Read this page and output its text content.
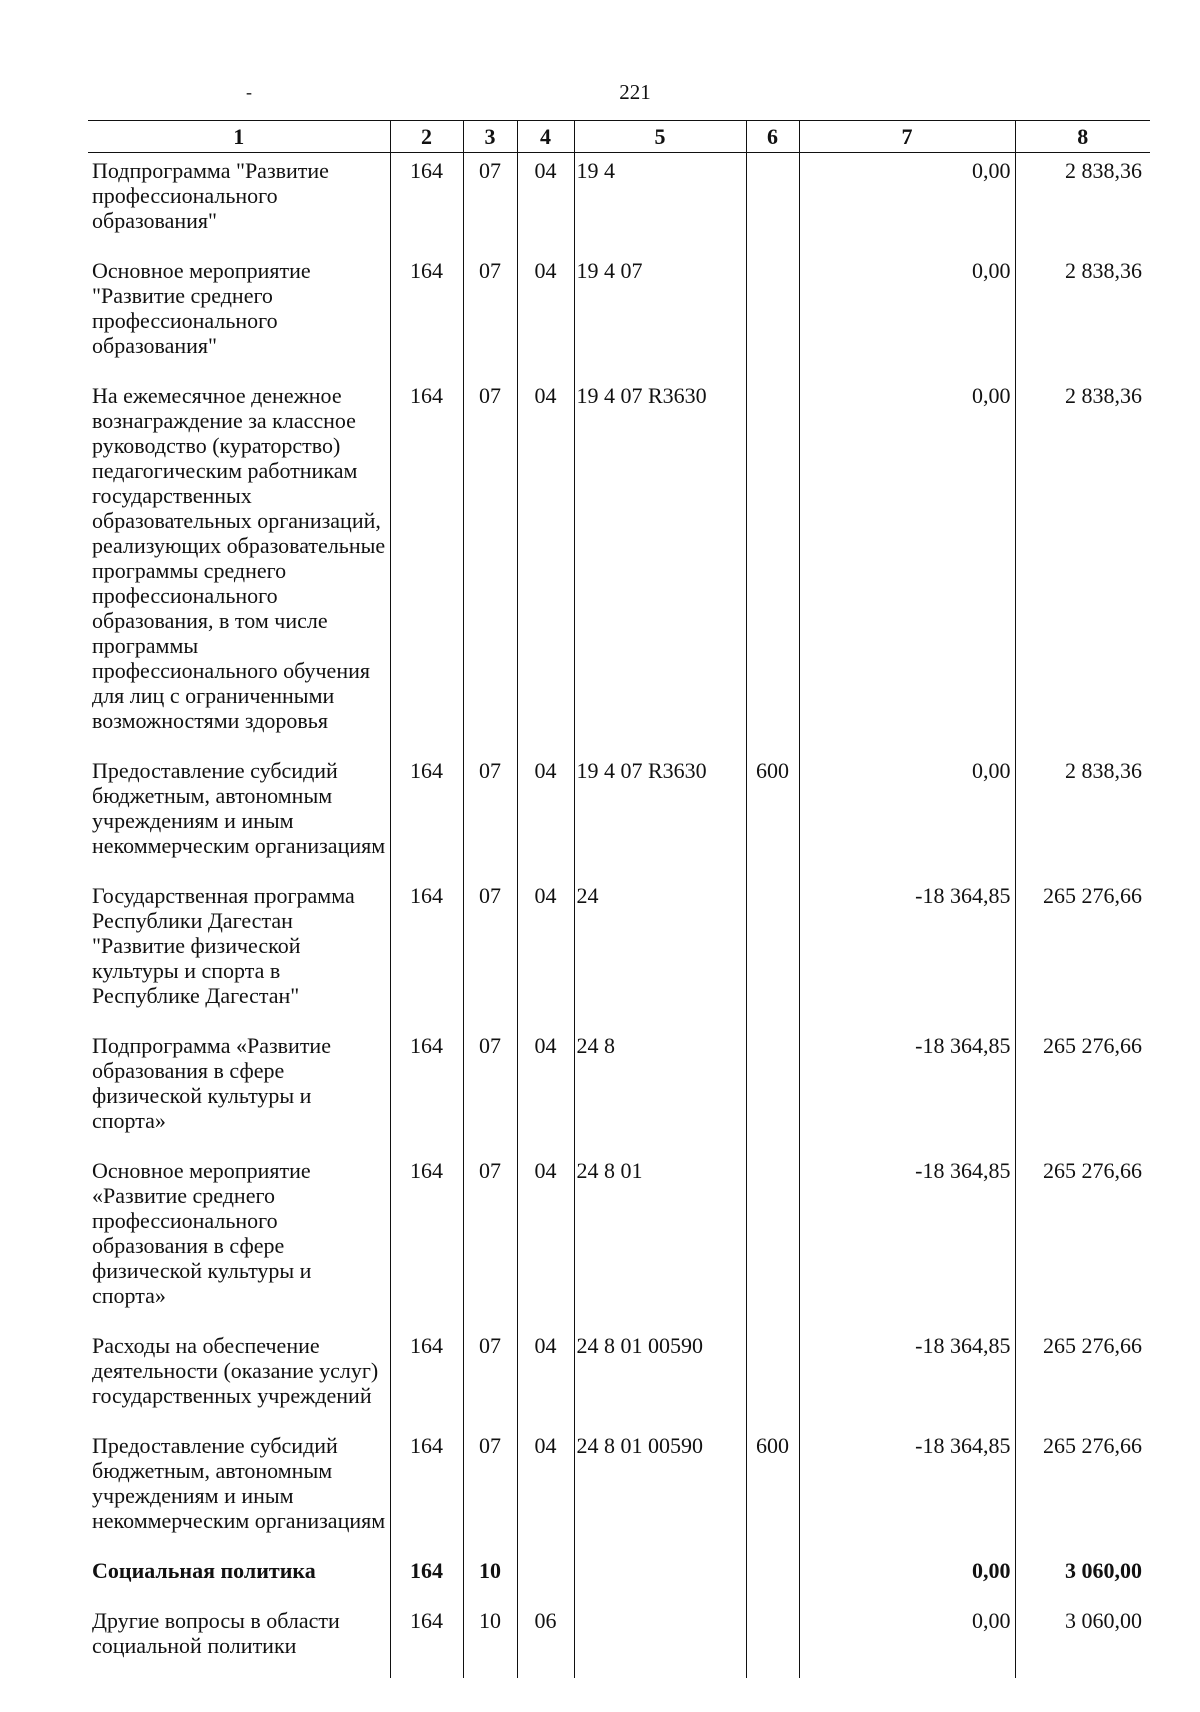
-	221
1	2	3	4	5	6	7	8
Подпрограмма "Развитие профессионального образования"	164	07	04	19 4		0,00	2 838,36
Основное мероприятие "Развитие среднего профессионального образования"	164	07	04	19 4 07		0,00	2 838,36
На ежемесячное денежное вознаграждение за классное руководство (кураторство) педагогическим работникам государственных образовательных организаций, реализующих образовательные программы среднего профессионального образования, в том числе программы профессионального обучения для лиц с ограниченными возможностями здоровья	164	07	04	19 4 07 R3630		0,00	2 838,36
Предоставление субсидий бюджетным, автономным учреждениям и иным некоммерческим организациям	164	07	04	19 4 07 R3630	600	0,00	2 838,36
Государственная программа Республики Дагестан "Развитие физической культуры и спорта в Республике Дагестан"	164	07	04	24		-18 364,85	265 276,66
Подпрограмма «Развитие образования в сфере физической культуры и спорта»	164	07	04	24 8		-18 364,85	265 276,66
Основное мероприятие «Развитие среднего профессионального образования в сфере физической культуры и спорта»	164	07	04	24 8 01		-18 364,85	265 276,66
Расходы на обеспечение деятельности (оказание услуг) государственных учреждений	164	07	04	24 8 01 00590		-18 364,85	265 276,66
Предоставление субсидий бюджетным, автономным учреждениям и иным некоммерческим организациям	164	07	04	24 8 01 00590	600	-18 364,85	265 276,66
Социальная политика	164	10				0,00	3 060,00
Другие вопросы в области социальной политики	164	10	06			0,00	3 060,00
